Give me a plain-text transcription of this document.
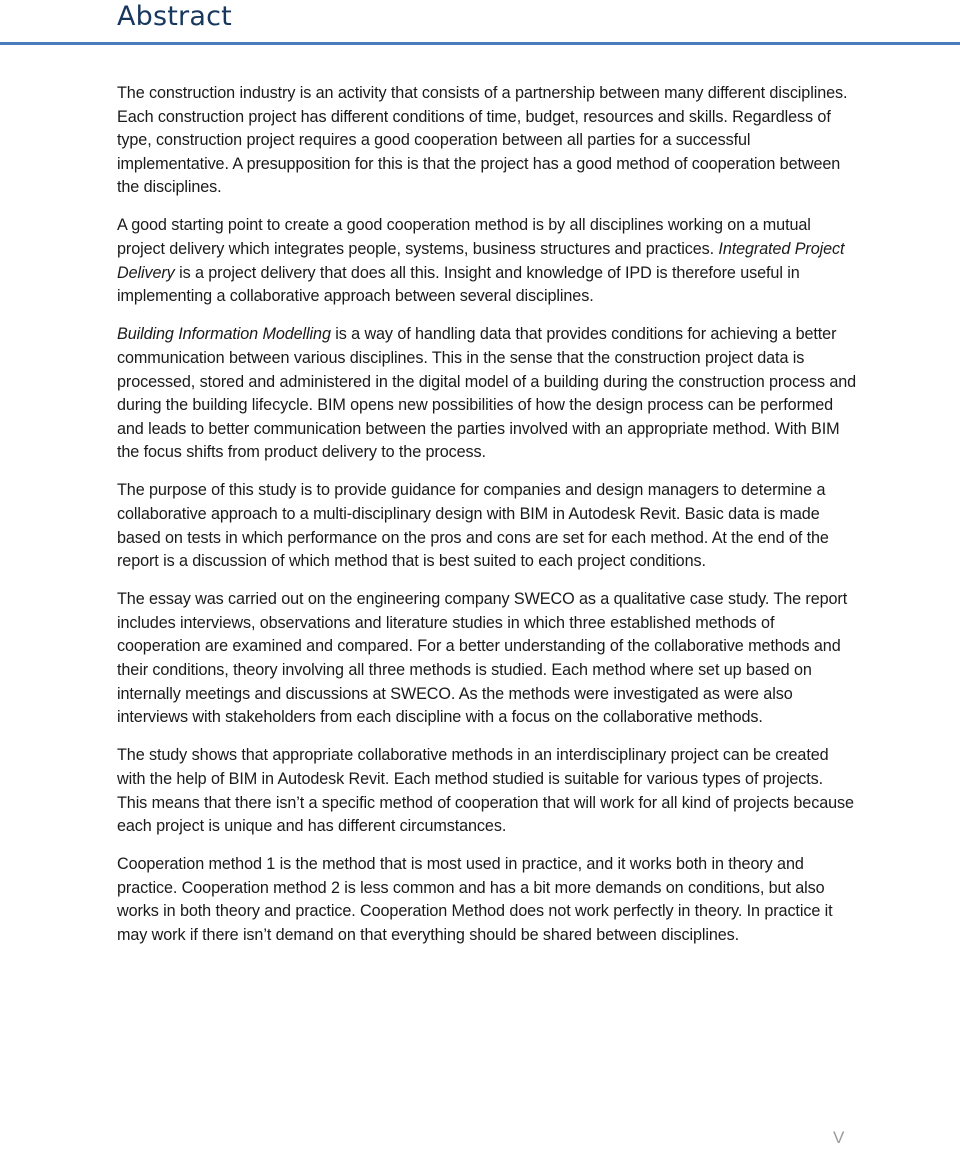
Abstract

The construction industry is an activity that consists of a partnership between many different disciplines. Each construction project has different conditions of time, budget, resources and skills. Regardless of type, construction project requires a good cooperation between all parties for a successful implementative. A presupposition for this is that the project has a good method of cooperation between the disciplines.

A good starting point to create a good cooperation method is by all disciplines working on a mutual project delivery which integrates people, systems, business structures and practices. Integrated Project Delivery is a project delivery that does all this. Insight and knowledge of IPD is therefore useful in implementing a collaborative approach between several disciplines.

Building Information Modelling is a way of handling data that provides conditions for achieving a better communication between various disciplines. This in the sense that the construction project data is processed, stored and administered in the digital model of a building during the construction process and during the building lifecycle. BIM opens new possibilities of how the design process can be performed and leads to better communication between the parties involved with an appropriate method. With BIM the focus shifts from product delivery to the process.

The purpose of this study is to provide guidance for companies and design managers to determine a collaborative approach to a multi-disciplinary design with BIM in Autodesk Revit. Basic data is made based on tests in which performance on the pros and cons are set for each method. At the end of the report is a discussion of which method that is best suited to each project conditions.

The essay was carried out on the engineering company SWECO as a qualitative case study. The report includes interviews, observations and literature studies in which three established methods of cooperation are examined and compared. For a better understanding of the collaborative methods and their conditions, theory involving all three methods is studied. Each method where set up based on internally meetings and discussions at SWECO. As the methods were investigated as were also interviews with stakeholders from each discipline with a focus on the collaborative methods.

The study shows that appropriate collaborative methods in an interdisciplinary project can be created with the help of BIM in Autodesk Revit. Each method studied is suitable for various types of projects. This means that there isn’t a specific method of cooperation that will work for all kind of projects because each project is unique and has different circumstances.

Cooperation method 1 is the method that is most used in practice, and it works both in theory and practice. Cooperation method 2 is less common and has a bit more demands on conditions, but also works in both theory and practice. Cooperation Method does not work perfectly in theory. In practice it may work if there isn’t demand on that everything should be shared between disciplines.

V
